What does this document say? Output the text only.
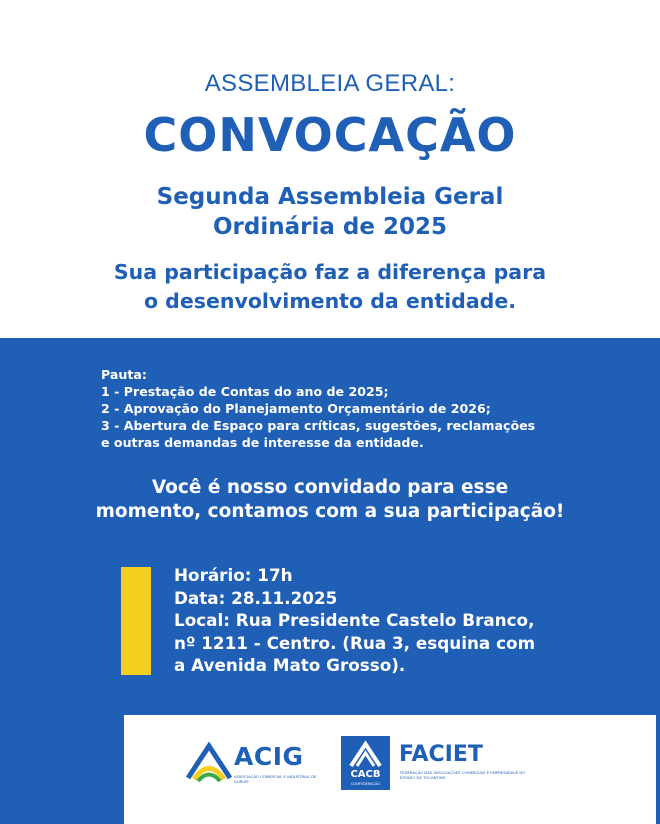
ASSEMBLEIA GERAL:
CONVOCAÇÃO
Segunda Assembleia Geral
Ordinária de 2025
Sua participação faz a diferença para
o desenvolvimento da entidade.
Pauta:
1 - Prestação de Contas do ano de 2025;
2 - Aprovação do Planejamento Orçamentário de 2026;
3 - Abertura de Espaço para críticas, sugestões, reclamações
e outras demandas de interesse da entidade.
Você é nosso convidado para esse
momento, contamos com a sua participação!
Horário: 17h
Data: 28.11.2025
Local: Rua Presidente Castelo Branco,
nº 1211 - Centro. (Rua 3, esquina com
a Avenida Mato Grosso).
ACIG
ASSOCIAÇÃO COMERCIAL E INDUSTRIAL DE GURUPI
CACB
CONFEDERAÇÃO
FACIET
FEDERAÇÃO DAS ASSOCIAÇÕES COMERCIAIS E EMPRESARIAIS DO ESTADO DE TOCANTINS
